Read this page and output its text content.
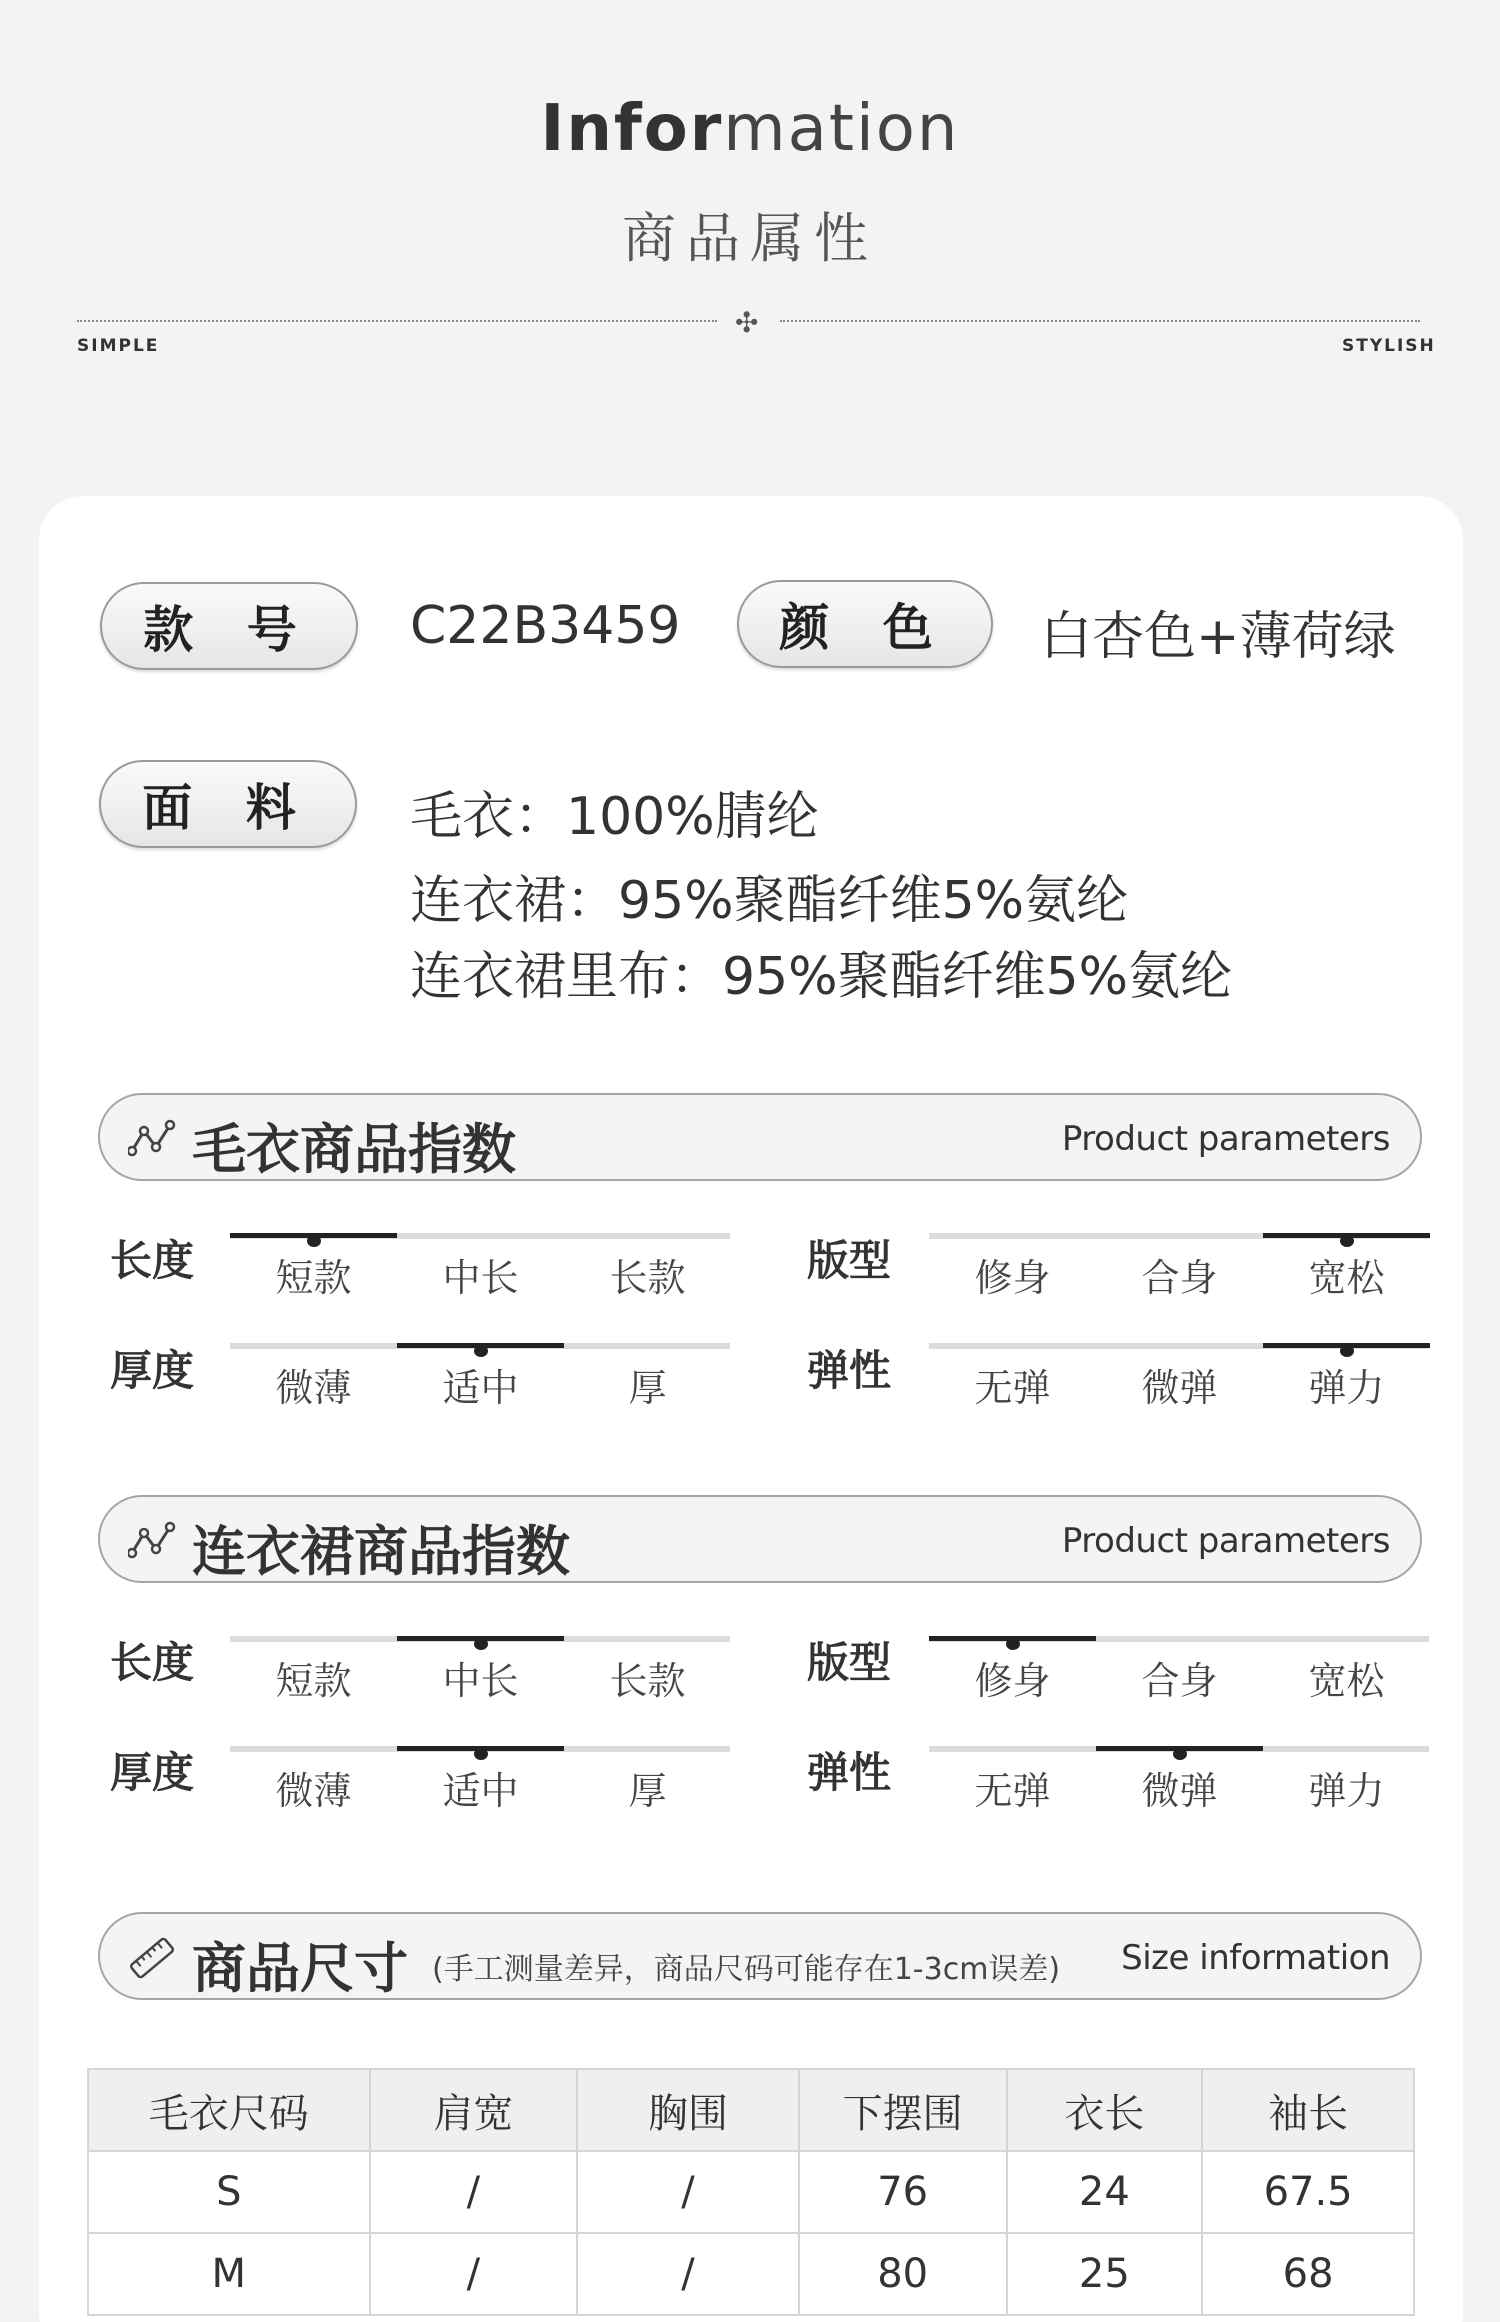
Information
商品属性
✣
SIMPLE	STYLISH
款 号	C22B3459	颜 色	白杏色+薄荷绿
面 料	毛衣：100%腈纶
连衣裙：95%聚酯纤维5%氨纶
连衣裙里布：95%聚酯纤维5%氨纶
毛衣商品指数	Product parameters
长度	短款	中长	长款	版型	修身	合身	宽松
厚度	微薄	适中	厚	弹性	无弹	微弹	弹力
连衣裙商品指数	Product parameters
长度	短款	中长	长款	版型	修身	合身	宽松
厚度	微薄	适中	厚	弹性	无弹	微弹	弹力
商品尺寸 (手工测量差异，商品尺码可能存在1-3cm误差) Size information
毛衣尺码	肩宽	胸围	下摆围	衣长	袖长
S	/	/	76	24	67.5
M	/	/	80	25	68
